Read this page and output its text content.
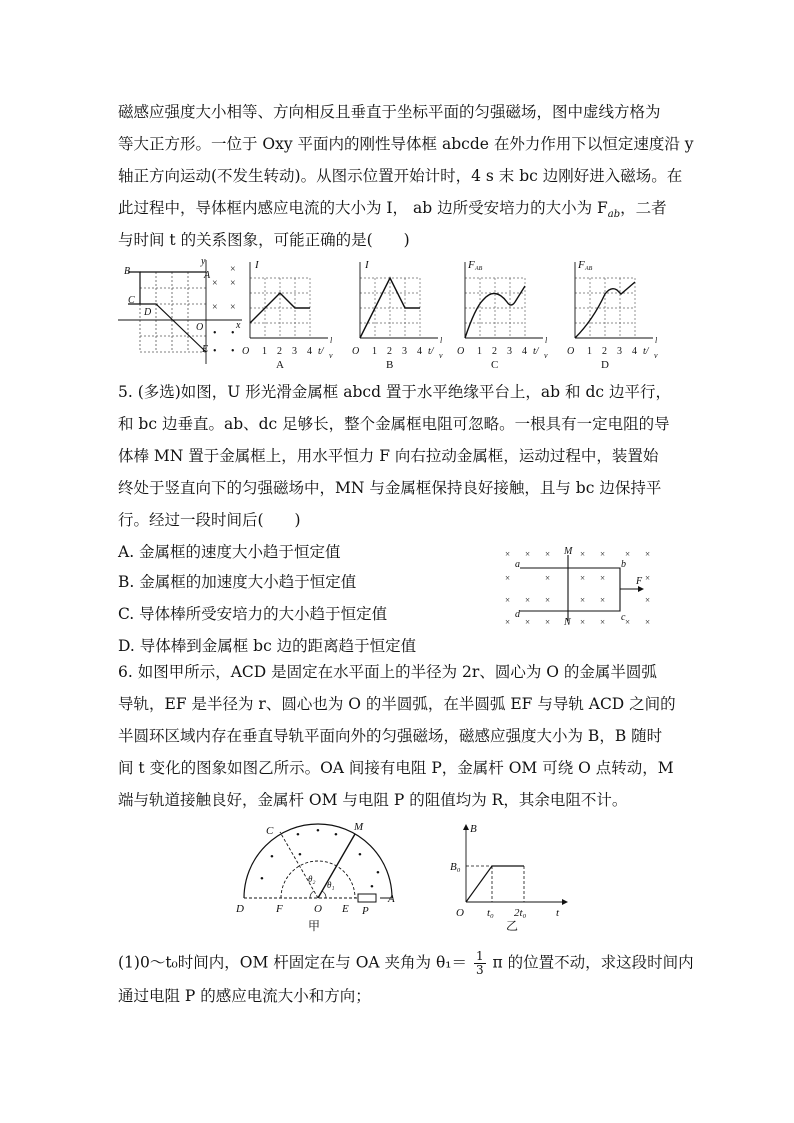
磁感应强度大小相等、方向相反且垂直于坐标平面的匀强磁场，图中虚线方格为
等大正方形。一位于 Oxy 平面内的刚性导体框 abcde 在外力作用下以恒定速度沿 y
轴正方向运动(不发生转动)。从图示位置开始计时，4 s 末 bc 边刚好进入磁场。在
此过程中，导体框内感应电流的大小为 I， ab 边所受安培力的大小为 $F_{ab}$，二者
与时间 t 的关系图象，可能正确的是(　　)
B
C
D
O
E
A
x
y
× ×
× ×
×
• •
• •
I
O 1 2 3 4 t/
l
v
A
I
O 1 2 3 4 t/
l
v
B
F AB
O 1 2 3 4 t/
l
v
C
F AB
O 1 2 3 4 t/
l
v
D
5. (多选)如图，U 形光滑金属框 abcd 置于水平绝缘平台上，ab 和 dc 边平行，
和 bc 边垂直。ab、dc 足够长，整个金属框电阻可忽略。一根具有一定电阻的导
体棒 MN 置于金属框上，用水平恒力 F 向右拉动金属框，运动过程中，装置始
终处于竖直向下的匀强磁场中，MN 与金属框保持良好接触，且与 bc 边保持平
行。经过一段时间后(　　)
A. 金属框的速度大小趋于恒定值
B. 金属框的加速度大小趋于恒定值
C. 导体棒所受安培力的大小趋于恒定值
D. 导体棒到金属框 bc 边的距离趋于恒定值
× × ×	× × × ×
×	×	× ×	×
× × ×	× ×	×
× × ×	× × × ×
M
N
a	b
c
d
F
6. 如图甲所示，ACD 是固定在水平面上的半径为 2r、圆心为 O 的金属半圆弧
导轨，EF 是半径为 r、圆心也为 O 的半圆弧，在半圆弧 EF 与导轨 ACD 之间的
半圆环区域内存在垂直导轨平面向外的匀强磁场，磁感应强度大小为 B，B 随时
间 t 变化的图象如图乙所示。OA 间接有电阻 P，金属杆 OM 可绕 O 点转动，M
端与轨道接触良好，金属杆 OM 与电阻 P 的阻值均为 R，其余电阻不计。
• • •
• •	•
•	•
•
C	M
D	F	O E P
A
θ₂
θ₁
甲
B
B₀
O t₀ 2t₀	t
乙
(1)0～t₀时间内，OM 杆固定在与 OA 夹角为 $\theta_1= \frac{1}{3}$ π 的位置不动，求这段时间内
通过电阻 P 的感应电流大小和方向；
